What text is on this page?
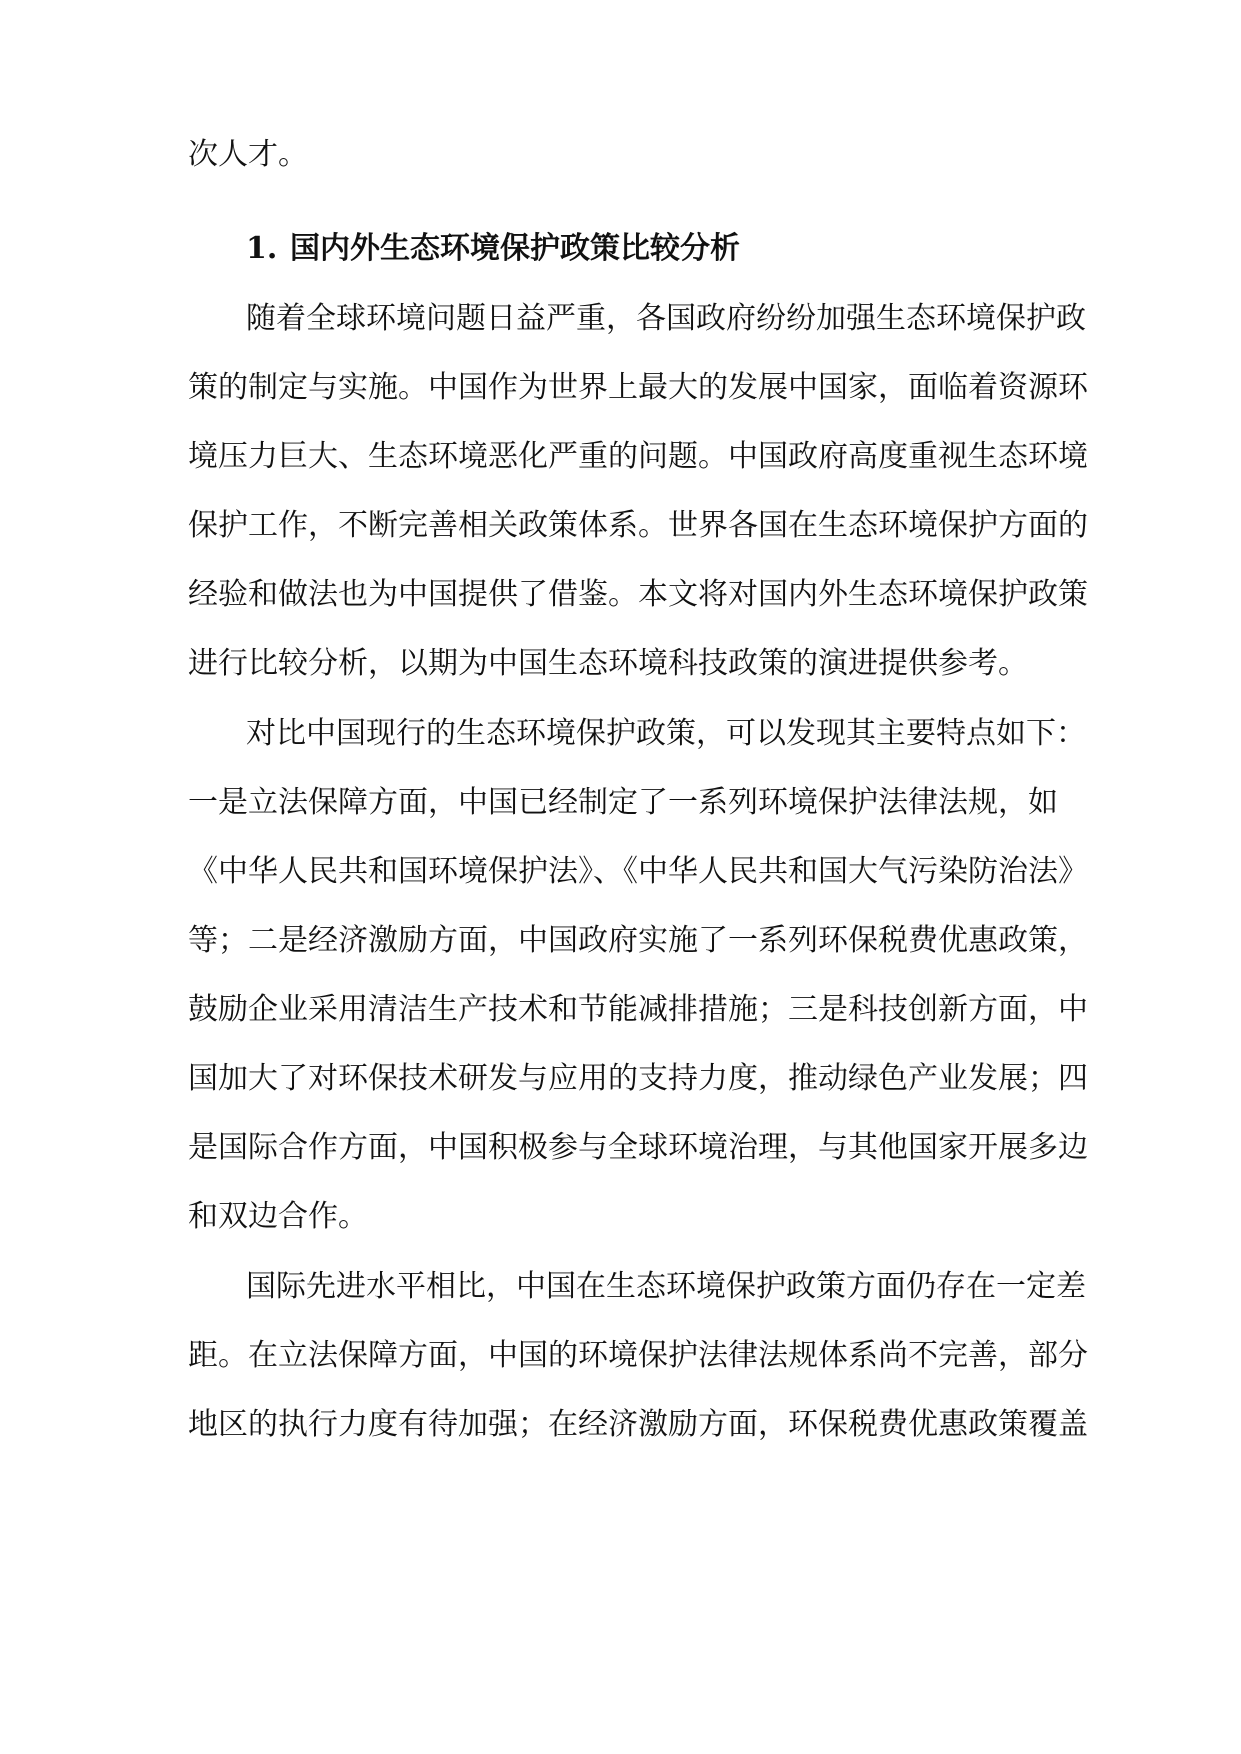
次人才。
1. 国内外生态环境保护政策比较分析
随着全球环境问题日益严重，各国政府纷纷加强生态环境保护政
策的制定与实施。中国作为世界上最大的发展中国家，面临着资源环
境压力巨大、生态环境恶化严重的问题。中国政府高度重视生态环境
保护工作，不断完善相关政策体系。世界各国在生态环境保护方面的
经验和做法也为中国提供了借鉴。本文将对国内外生态环境保护政策
进行比较分析，以期为中国生态环境科技政策的演进提供参考。
对比中国现行的生态环境保护政策，可以发现其主要特点如下：
一是立法保障方面，中国已经制定了一系列环境保护法律法规，如
《中华人民共和国环境保护法》、《中华人民共和国大气污染防治法》
等；二是经济激励方面，中国政府实施了一系列环保税费优惠政策，
鼓励企业采用清洁生产技术和节能减排措施；三是科技创新方面，中
国加大了对环保技术研发与应用的支持力度，推动绿色产业发展；四
是国际合作方面，中国积极参与全球环境治理，与其他国家开展多边
和双边合作。
国际先进水平相比，中国在生态环境保护政策方面仍存在一定差
距。在立法保障方面，中国的环境保护法律法规体系尚不完善，部分
地区的执行力度有待加强；在经济激励方面，环保税费优惠政策覆盖
